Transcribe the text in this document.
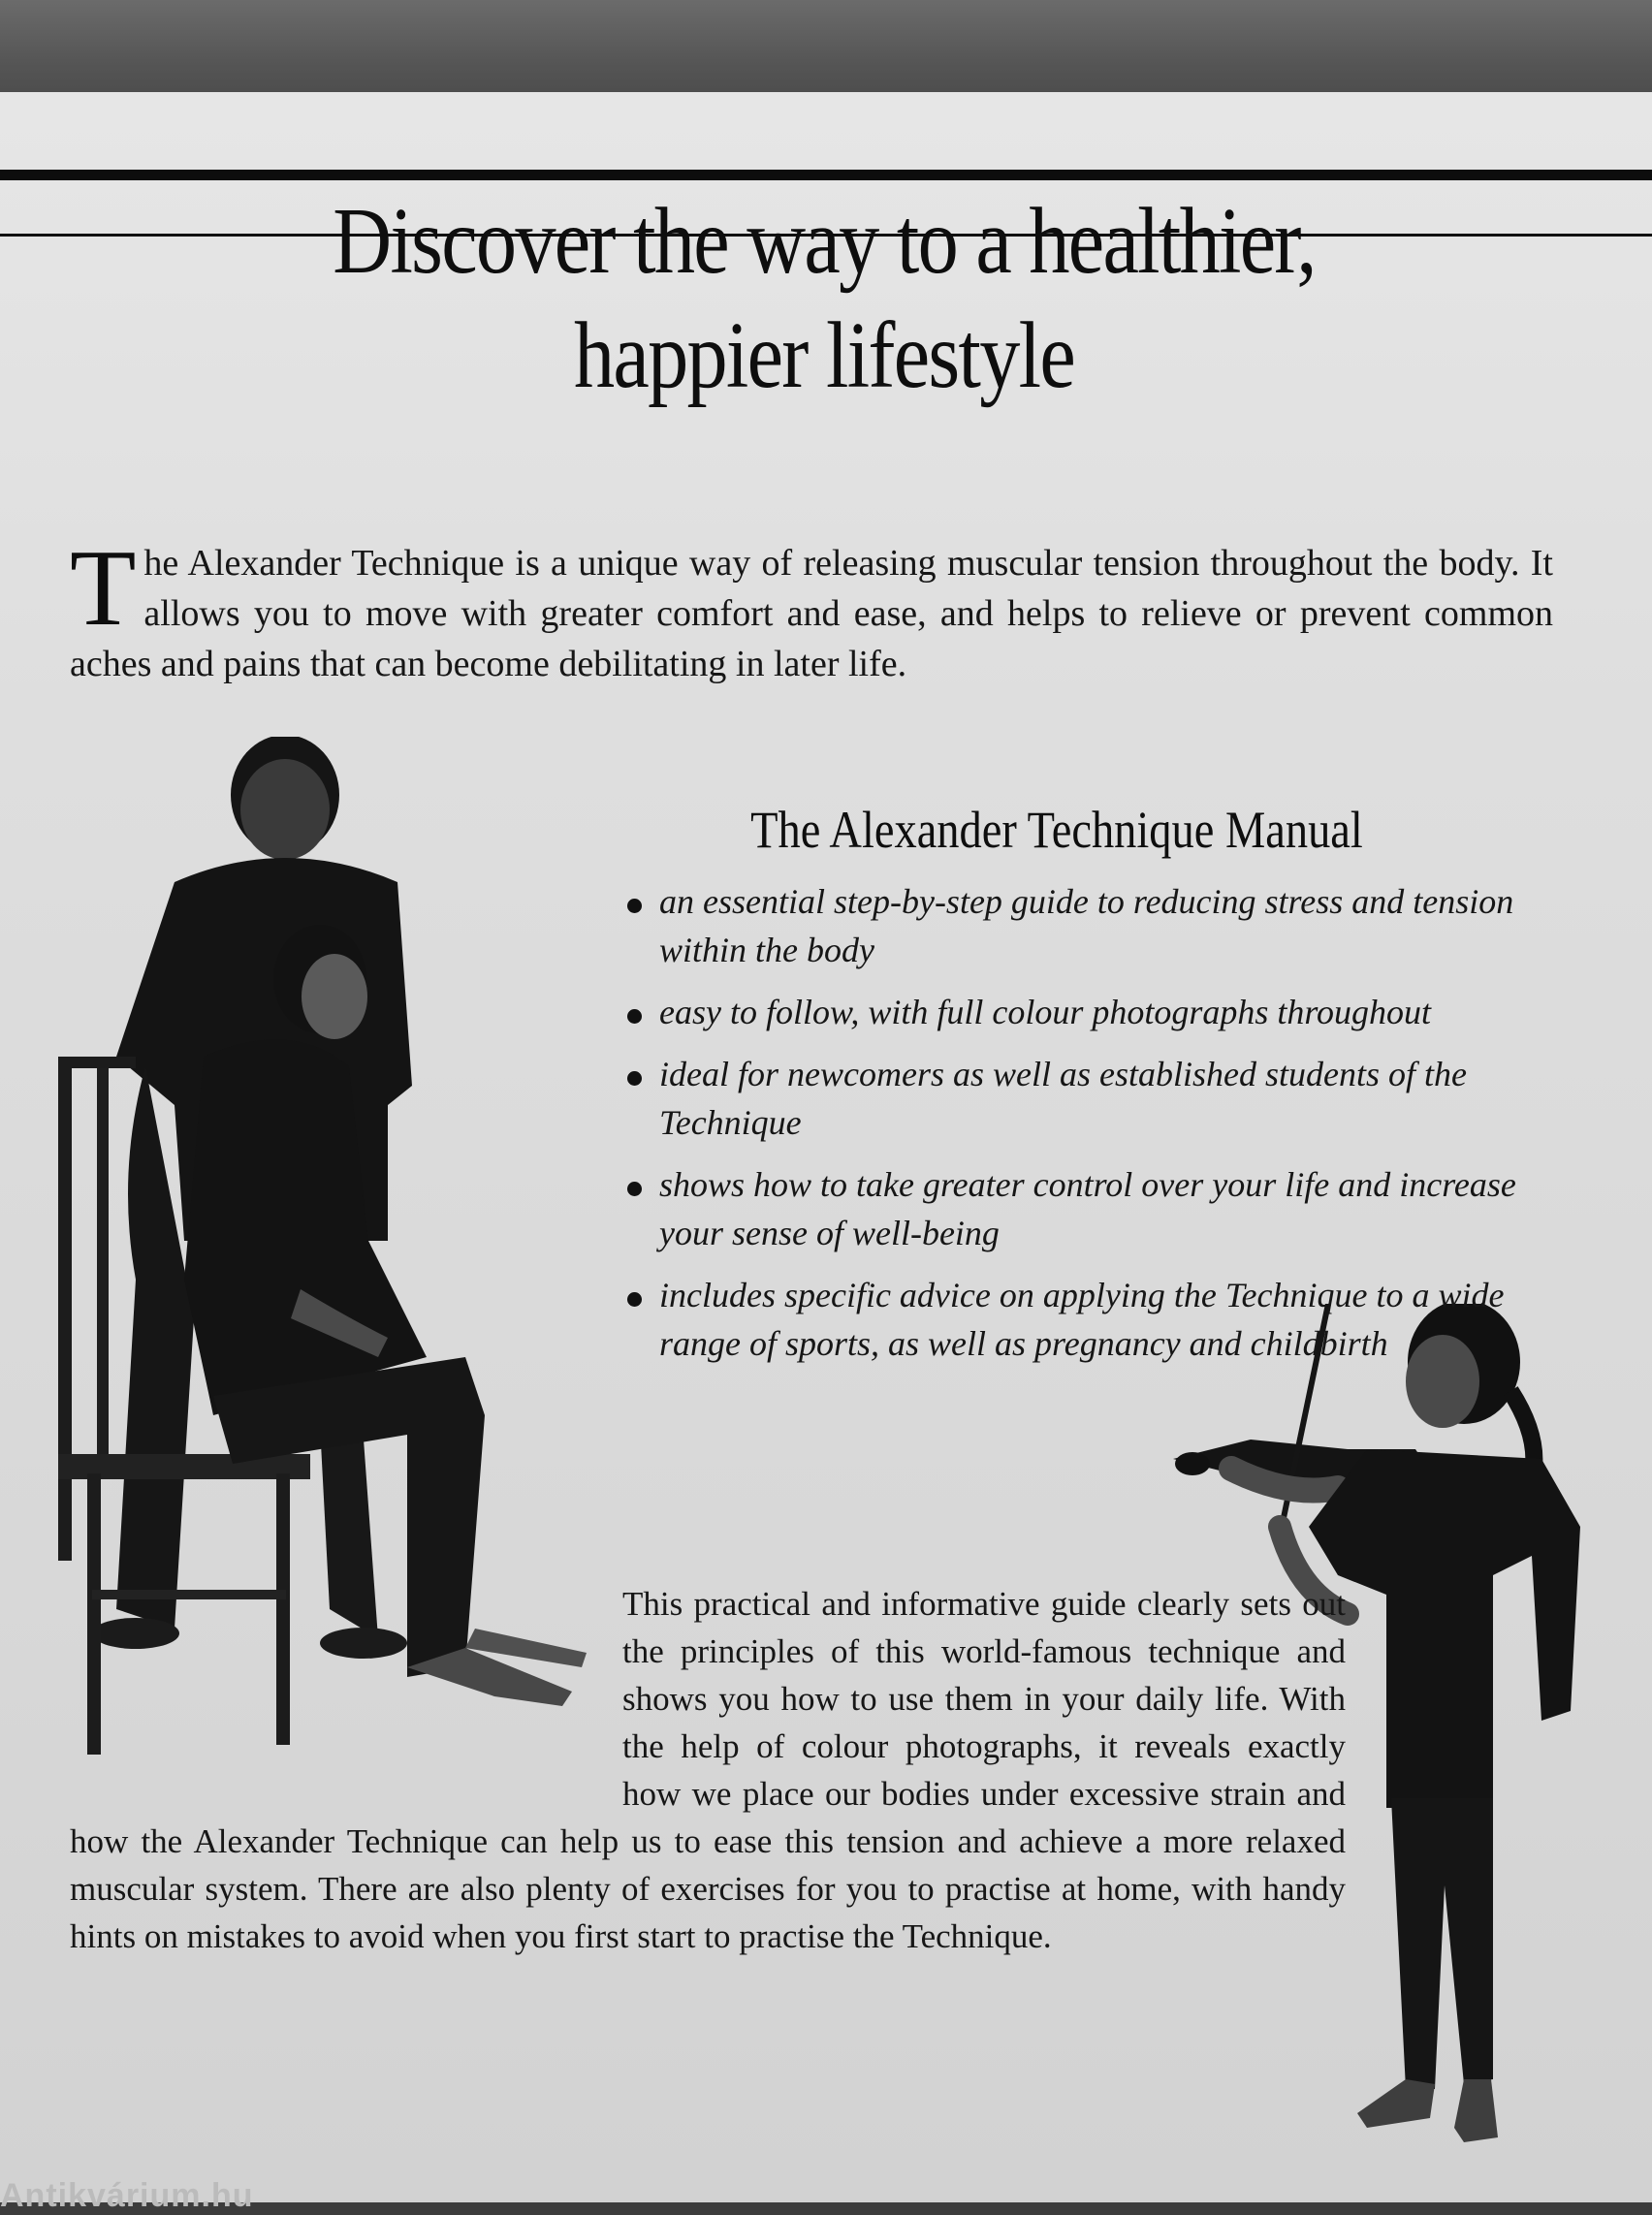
Discover the way to a healthier,
happier lifestyle

The Alexander Technique is a unique way of releasing muscular tension throughout the body. It allows you to move with greater comfort and ease, and helps to relieve or prevent common aches and pains that can become debilitating in later life.

The Alexander Technique Manual
an essential step-by-step guide to reducing stress and tension within the body
easy to follow, with full colour photographs throughout
ideal for newcomers as well as established students of the Technique
shows how to take greater control over your life and increase your sense of well-being
includes specific advice on applying the Technique to a wide range of sports, as well as pregnancy and childbirth

This practical and informative guide clearly sets out the principles of this world-famous technique and shows you how to use them in your daily life. With the help of colour photographs, it reveals exactly how we place our bodies under excessive strain and how the Alexander Technique can help us to ease this tension and achieve a more relaxed muscular system. There are also plenty of exercises for you to practise at home, with handy hints on mistakes to avoid when you first start to practise the Technique.

Antikvárium.hu
